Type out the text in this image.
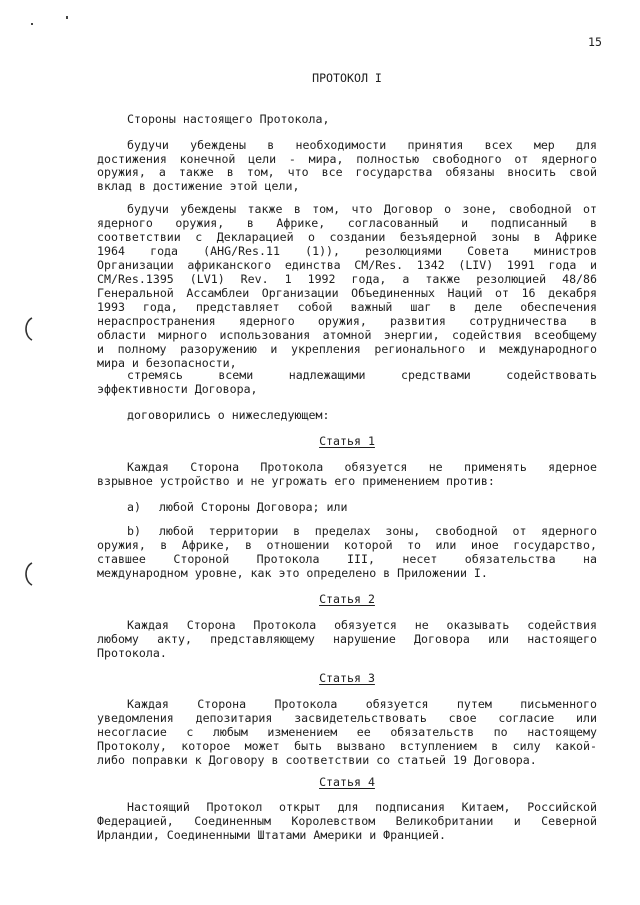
15
ПРОТОКОЛ I
Стороны настоящего Протокола,
будучи убеждены в необходимости принятия всех мер для
достижения конечной цели - мира, полностью свободного от ядерного
оружия, а также в том, что все государства обязаны вносить свой
вклад в достижение этой цели,
будучи убеждены также в том, что Договор о зоне, свободной от
ядерного оружия, в Африке, согласованный и подписанный в
соответствии с Декларацией о создании безъядерной зоны в Африке
1964 года (AHG/Res.11 (1)), резолюциями Совета министров
Организации африканского единства CM/Res. 1342 (LIV) 1991 года и
CM/Res.1395 (LV1) Rev. 1 1992 года, а также резолюцией 48/86
Генеральной Ассамблеи Организации Объединенных Наций от 16 декабря
1993 года, представляет собой важный шаг в деле обеспечения
нераспространения ядерного оружия, развития сотрудничества в
области мирного использования атомной энергии, содействия всеобщему
и полному разоружению и укрепления регионального и международного
мира и безопасности,
стремясь всеми надлежащими средствами содействовать
эффективности Договора,
договорились о нижеследующем:
Статья 1
Каждая Сторона Протокола обязуется не применять ядерное
взрывное устройство и не угрожать его применением против:
a) любой Стороны Договора; или
b) любой территории в пределах зоны, свободной от ядерного
оружия, в Африке, в отношении которой то или иное государство,
ставшее Стороной Протокола III, несет обязательства на
международном уровне, как это определено в Приложении I.
Статья 2
Каждая Сторона Протокола обязуется не оказывать содействия
любому акту, представляющему нарушение Договора или настоящего
Протокола.
Статья 3
Каждая Сторона Протокола обязуется путем письменного
уведомления депозитария засвидетельствовать свое согласие или
несогласие с любым изменением ее обязательств по настоящему
Протоколу, которое может быть вызвано вступлением в силу какой-
либо поправки к Договору в соответствии со статьей 19 Договора.
Статья 4
Настоящий Протокол открыт для подписания Китаем, Российской
Федерацией, Соединенным Королевством Великобритании и Северной
Ирландии, Соединенными Штатами Америки и Францией.
